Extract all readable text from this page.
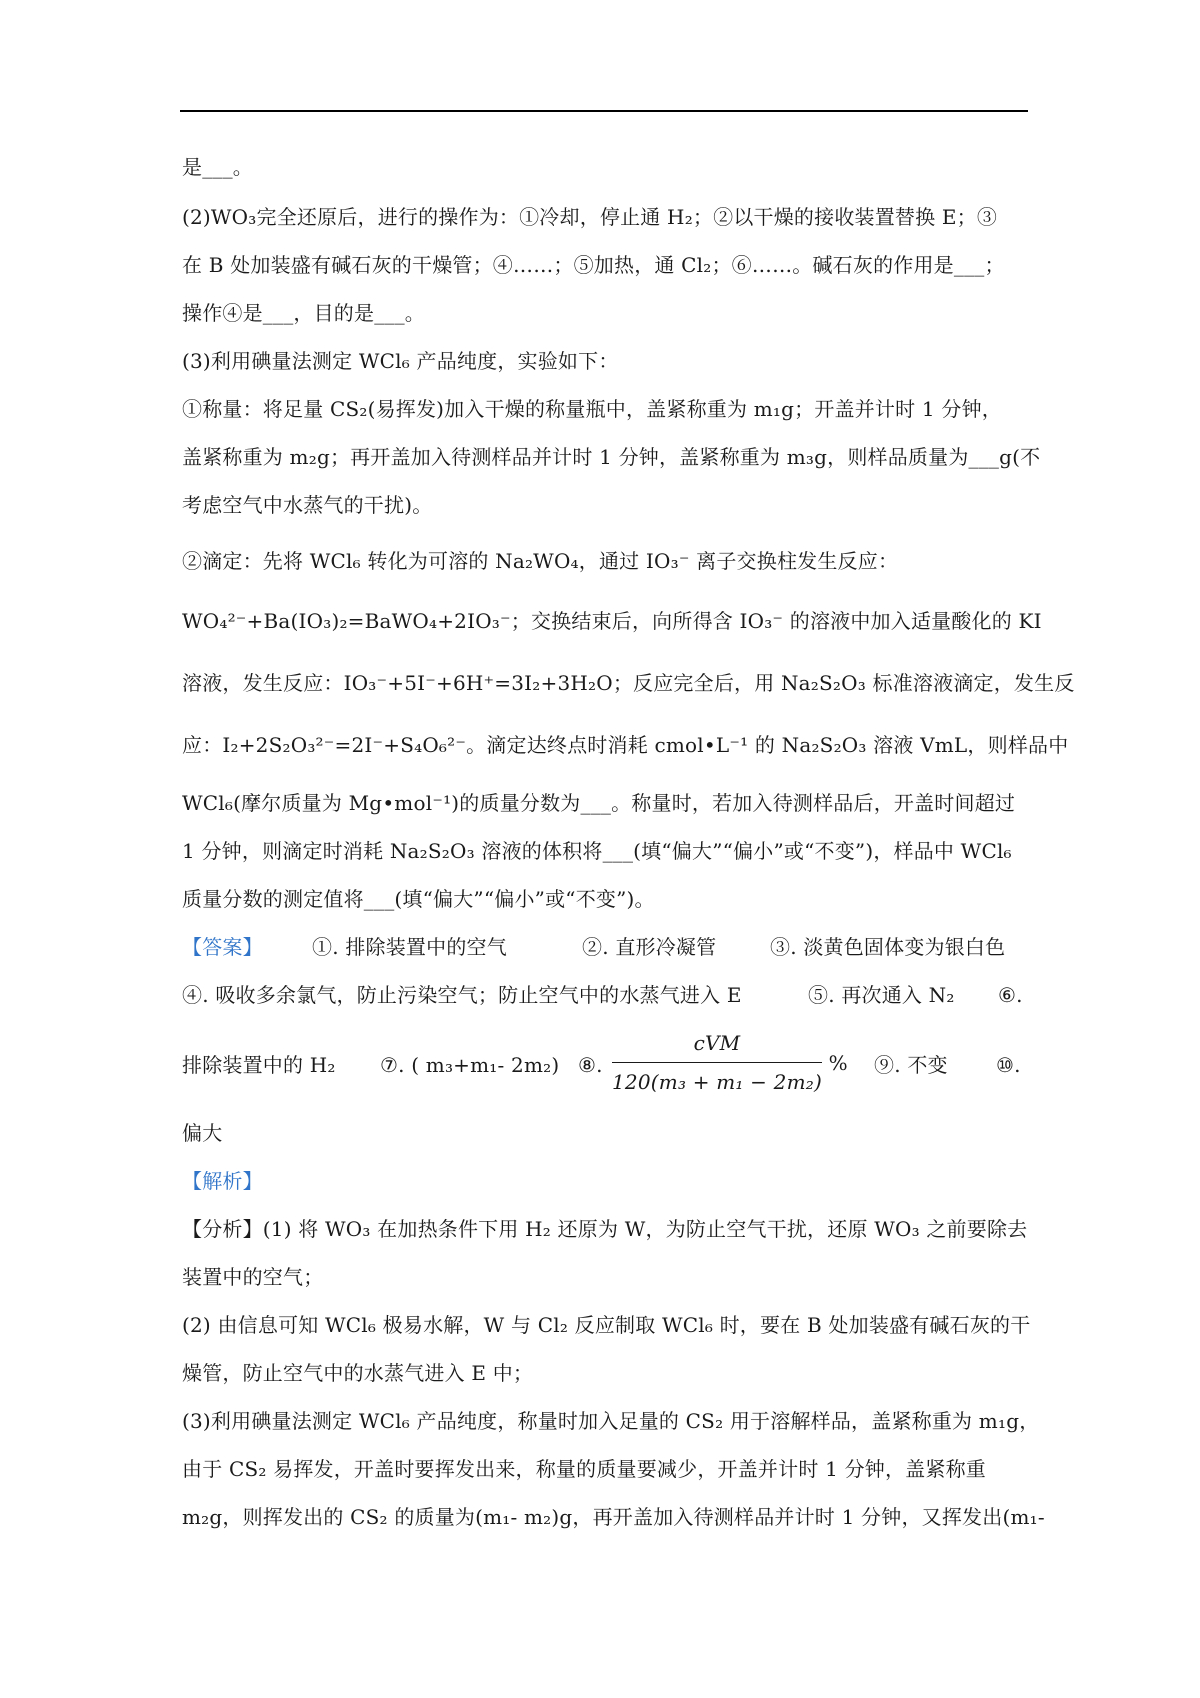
是___。
(2)WO₃完全还原后，进行的操作为：①冷却，停止通 H₂；②以干燥的接收装置替换 E；③
在 B 处加装盛有碱石灰的干燥管；④……；⑤加热，通 Cl₂；⑥……。碱石灰的作用是___；
操作④是___，目的是___。
(3)利用碘量法测定 WCl₆ 产品纯度，实验如下：
①称量：将足量 CS₂(易挥发)加入干燥的称量瓶中，盖紧称重为 m₁g；开盖并计时 1 分钟，
盖紧称重为 m₂g；再开盖加入待测样品并计时 1 分钟，盖紧称重为 m₃g，则样品质量为___g(不
考虑空气中水蒸气的干扰)。
②滴定：先将 WCl₆ 转化为可溶的 Na₂WO₄，通过 IO₃⁻ 离子交换柱发生反应：
WO₄²⁻+Ba(IO₃)₂=BaWO₄+2IO₃⁻；交换结束后，向所得含 IO₃⁻ 的溶液中加入适量酸化的 KI
溶液，发生反应：IO₃⁻+5I⁻+6H⁺=3I₂+3H₂O；反应完全后，用 Na₂S₂O₃ 标准溶液滴定，发生反
应：I₂+2S₂O₃²⁻=2I⁻+S₄O₆²⁻。滴定达终点时消耗 cmol•L⁻¹ 的 Na₂S₂O₃ 溶液 VmL，则样品中
WCl₆(摩尔质量为 Mg•mol⁻¹)的质量分数为___。称量时，若加入待测样品后，开盖时间超过
1 分钟，则滴定时消耗 Na₂S₂O₃ 溶液的体积将___(填“偏大”“偏小”或“不变”)，样品中 WCl₆
质量分数的测定值将___(填“偏大”“偏小”或“不变”)。
【答案】	①. 排除装置中的空气	②. 直形冷凝管	③. 淡黄色固体变为银白色
④. 吸收多余氯气，防止污染空气；防止空气中的水蒸气进入 E	⑤. 再次通入 N₂	⑥.
排除装置中的 H₂	⑦. ( m₃+m₁- 2m₂) ⑧. $\frac{\text{cVM}}{\text{120(m₃ + m₁ − 2m₂)}}$ %	⑨. 不变	⑩.
偏大
【解析】
【分析】(1) 将 WO₃ 在加热条件下用 H₂ 还原为 W，为防止空气干扰，还原 WO₃ 之前要除去
装置中的空气；
(2) 由信息可知 WCl₆ 极易水解，W 与 Cl₂ 反应制取 WCl₆ 时，要在 B 处加装盛有碱石灰的干
燥管，防止空气中的水蒸气进入 E 中；
(3)利用碘量法测定 WCl₆ 产品纯度，称量时加入足量的 CS₂ 用于溶解样品，盖紧称重为 m₁g，
由于 CS₂ 易挥发，开盖时要挥发出来，称量的质量要减少，开盖并计时 1 分钟，盖紧称重
m₂g，则挥发出的 CS₂ 的质量为(m₁- m₂)g，再开盖加入待测样品并计时 1 分钟，又挥发出(m₁-
